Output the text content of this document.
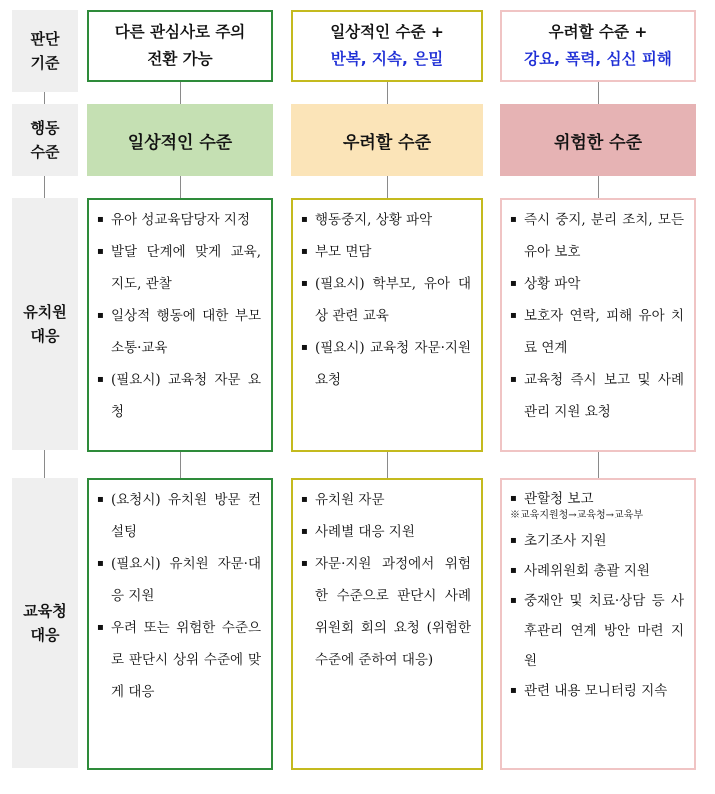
판단
기준
행동
수준
유치원
대응
교육청
대응
다른 관심사로 주의
전환 가능
일상적인 수준 +
반복, 지속, 은밀
우려할 수준 +
강요, 폭력, 심신 피해
일상적인 수준	우려할 수준	위험한 수준
▪ 유아 성교육담당자 지정
▪ 발달 단계에 맞게 교육, 지도, 관찰
▪ 일상적 행동에 대한 부모 소통·교육
▪ (필요시) 교육청 자문 요청
▪ 행동중지, 상황 파악
▪ 부모 면담
▪ (필요시) 학부모, 유아 대상 관련 교육
▪ (필요시) 교육청 자문·지원 요청
▪ 즉시 중지, 분리 조치, 모든 유아 보호
▪ 상황 파악
▪ 보호자 연락, 피해 유아 치료 연계
▪ 교육청 즉시 보고 및 사례관리 지원 요청
▪ (요청시) 유치원 방문 컨설팅
▪ (필요시) 유치원 자문·대응 지원
▪ 우려 또는 위험한 수준으로 판단시 상위 수준에 맞게 대응
▪ 유치원 자문
▪ 사례별 대응 지원
▪ 자문·지원 과정에서 위험한 수준으로 판단시 사례위원회 회의 요청 (위험한 수준에 준하여 대응)
▪ 관할청 보고
※교육지원청→교육청→교육부
▪ 초기조사 지원
▪ 사례위원회 총괄 지원
▪ 중재안 및 치료·상담 등 사후관리 연계 방안 마련 지원
▪ 관련 내용 모니터링 지속
